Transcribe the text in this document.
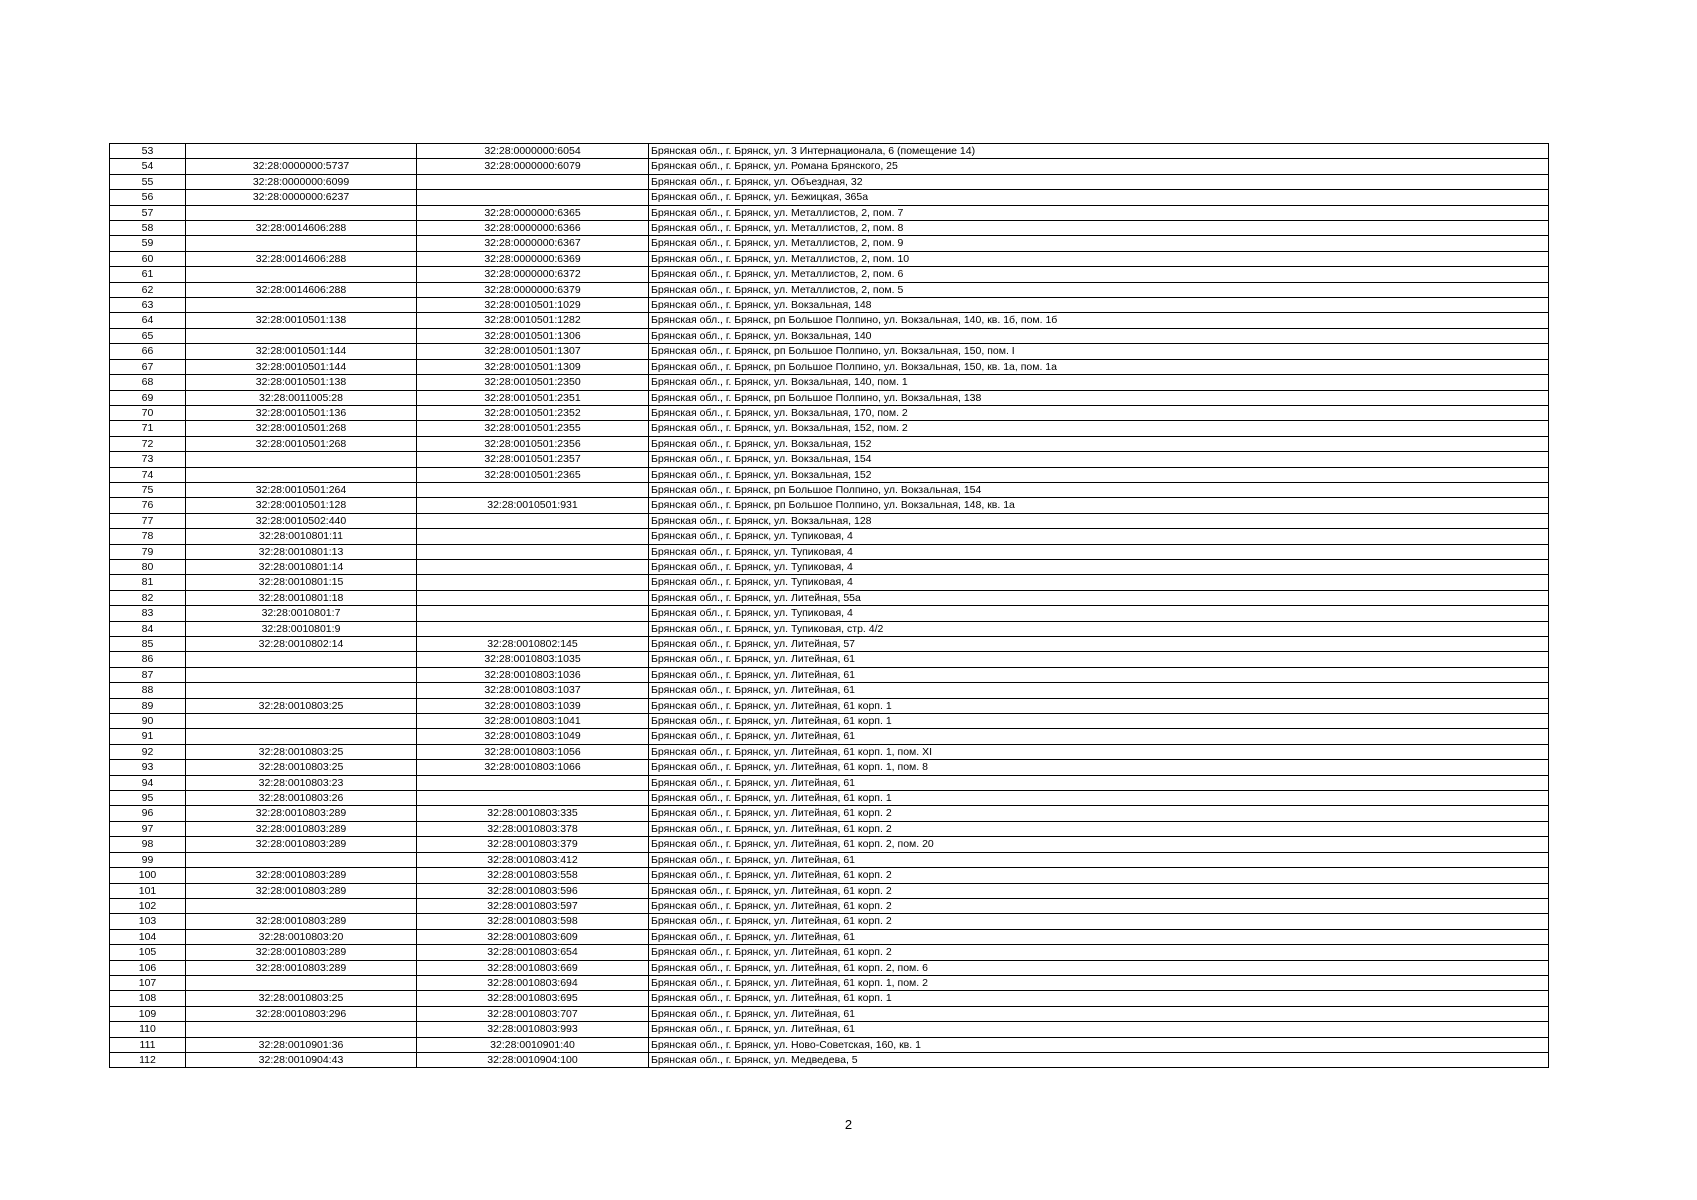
53		32:28:0000000:6054	Брянская обл., г. Брянск, ул. 3 Интернационала, 6 (помещение 14)
54	32:28:0000000:5737	32:28:0000000:6079	Брянская обл., г. Брянск, ул. Романа Брянского, 25
55	32:28:0000000:6099		Брянская обл., г. Брянск, ул. Объездная, 32
56	32:28:0000000:6237		Брянская обл., г. Брянск, ул. Бежицкая, 365а
57		32:28:0000000:6365	Брянская обл., г. Брянск, ул. Металлистов, 2, пом. 7
58	32:28:0014606:288	32:28:0000000:6366	Брянская обл., г. Брянск, ул. Металлистов, 2, пом. 8
59		32:28:0000000:6367	Брянская обл., г. Брянск, ул. Металлистов, 2, пом. 9
60	32:28:0014606:288	32:28:0000000:6369	Брянская обл., г. Брянск, ул. Металлистов, 2, пом. 10
61		32:28:0000000:6372	Брянская обл., г. Брянск, ул. Металлистов, 2, пом. 6
62	32:28:0014606:288	32:28:0000000:6379	Брянская обл., г. Брянск, ул. Металлистов, 2, пом. 5
63		32:28:0010501:1029	Брянская обл., г. Брянск, ул. Вокзальная, 148
64	32:28:0010501:138	32:28:0010501:1282	Брянская обл., г. Брянск, рп Большое Полпино, ул. Вокзальная, 140, кв. 1б, пом. 1б
65		32:28:0010501:1306	Брянская обл., г. Брянск, ул. Вокзальная, 140
66	32:28:0010501:144	32:28:0010501:1307	Брянская обл., г. Брянск, рп Большое Полпино, ул. Вокзальная, 150, пом. I
67	32:28:0010501:144	32:28:0010501:1309	Брянская обл., г. Брянск, рп Большое Полпино, ул. Вокзальная, 150, кв. 1а, пом. 1а
68	32:28:0010501:138	32:28:0010501:2350	Брянская обл., г. Брянск, ул. Вокзальная, 140, пом. 1
69	32:28:0011005:28	32:28:0010501:2351	Брянская обл., г. Брянск, рп Большое Полпино, ул. Вокзальная, 138
70	32:28:0010501:136	32:28:0010501:2352	Брянская обл., г. Брянск, ул. Вокзальная, 170, пом. 2
71	32:28:0010501:268	32:28:0010501:2355	Брянская обл., г. Брянск, ул. Вокзальная, 152, пом. 2
72	32:28:0010501:268	32:28:0010501:2356	Брянская обл., г. Брянск, ул. Вокзальная, 152
73		32:28:0010501:2357	Брянская обл., г. Брянск, ул. Вокзальная, 154
74		32:28:0010501:2365	Брянская обл., г. Брянск, ул. Вокзальная, 152
75	32:28:0010501:264		Брянская обл., г. Брянск, рп Большое Полпино, ул. Вокзальная, 154
76	32:28:0010501:128	32:28:0010501:931	Брянская обл., г. Брянск, рп Большое Полпино, ул. Вокзальная, 148, кв. 1а
77	32:28:0010502:440		Брянская обл., г. Брянск, ул. Вокзальная, 128
78	32:28:0010801:11		Брянская обл., г. Брянск, ул. Тупиковая, 4
79	32:28:0010801:13		Брянская обл., г. Брянск, ул. Тупиковая, 4
80	32:28:0010801:14		Брянская обл., г. Брянск, ул. Тупиковая, 4
81	32:28:0010801:15		Брянская обл., г. Брянск, ул. Тупиковая, 4
82	32:28:0010801:18		Брянская обл., г. Брянск, ул. Литейная, 55а
83	32:28:0010801:7		Брянская обл., г. Брянск, ул. Тупиковая, 4
84	32:28:0010801:9		Брянская обл., г. Брянск, ул. Тупиковая, стр. 4/2
85	32:28:0010802:14	32:28:0010802:145	Брянская обл., г. Брянск, ул. Литейная, 57
86		32:28:0010803:1035	Брянская обл., г. Брянск, ул. Литейная, 61
87		32:28:0010803:1036	Брянская обл., г. Брянск, ул. Литейная, 61
88		32:28:0010803:1037	Брянская обл., г. Брянск, ул. Литейная, 61
89	32:28:0010803:25	32:28:0010803:1039	Брянская обл., г. Брянск, ул. Литейная, 61 корп. 1
90		32:28:0010803:1041	Брянская обл., г. Брянск, ул. Литейная, 61 корп. 1
91		32:28:0010803:1049	Брянская обл., г. Брянск, ул. Литейная, 61
92	32:28:0010803:25	32:28:0010803:1056	Брянская обл., г. Брянск, ул. Литейная, 61 корп. 1, пом. XI
93	32:28:0010803:25	32:28:0010803:1066	Брянская обл., г. Брянск, ул. Литейная, 61 корп. 1, пом. 8
94	32:28:0010803:23		Брянская обл., г. Брянск, ул. Литейная, 61
95	32:28:0010803:26		Брянская обл., г. Брянск, ул. Литейная, 61 корп. 1
96	32:28:0010803:289	32:28:0010803:335	Брянская обл., г. Брянск, ул. Литейная, 61 корп. 2
97	32:28:0010803:289	32:28:0010803:378	Брянская обл., г. Брянск, ул. Литейная, 61 корп. 2
98	32:28:0010803:289	32:28:0010803:379	Брянская обл., г. Брянск, ул. Литейная, 61 корп. 2, пом. 20
99		32:28:0010803:412	Брянская обл., г. Брянск, ул. Литейная, 61
100	32:28:0010803:289	32:28:0010803:558	Брянская обл., г. Брянск, ул. Литейная, 61 корп. 2
101	32:28:0010803:289	32:28:0010803:596	Брянская обл., г. Брянск, ул. Литейная, 61 корп. 2
102		32:28:0010803:597	Брянская обл., г. Брянск, ул. Литейная, 61 корп. 2
103	32:28:0010803:289	32:28:0010803:598	Брянская обл., г. Брянск, ул. Литейная, 61 корп. 2
104	32:28:0010803:20	32:28:0010803:609	Брянская обл., г. Брянск, ул. Литейная, 61
105	32:28:0010803:289	32:28:0010803:654	Брянская обл., г. Брянск, ул. Литейная, 61 корп. 2
106	32:28:0010803:289	32:28:0010803:669	Брянская обл., г. Брянск, ул. Литейная, 61 корп. 2, пом. 6
107		32:28:0010803:694	Брянская обл., г. Брянск, ул. Литейная, 61 корп. 1, пом. 2
108	32:28:0010803:25	32:28:0010803:695	Брянская обл., г. Брянск, ул. Литейная, 61 корп. 1
109	32:28:0010803:296	32:28:0010803:707	Брянская обл., г. Брянск, ул. Литейная, 61
110		32:28:0010803:993	Брянская обл., г. Брянск, ул. Литейная, 61
111	32:28:0010901:36	32:28:0010901:40	Брянская обл., г. Брянск, ул. Ново-Советская, 160, кв. 1
112	32:28:0010904:43	32:28:0010904:100	Брянская обл., г. Брянск, ул. Медведева, 5
2
